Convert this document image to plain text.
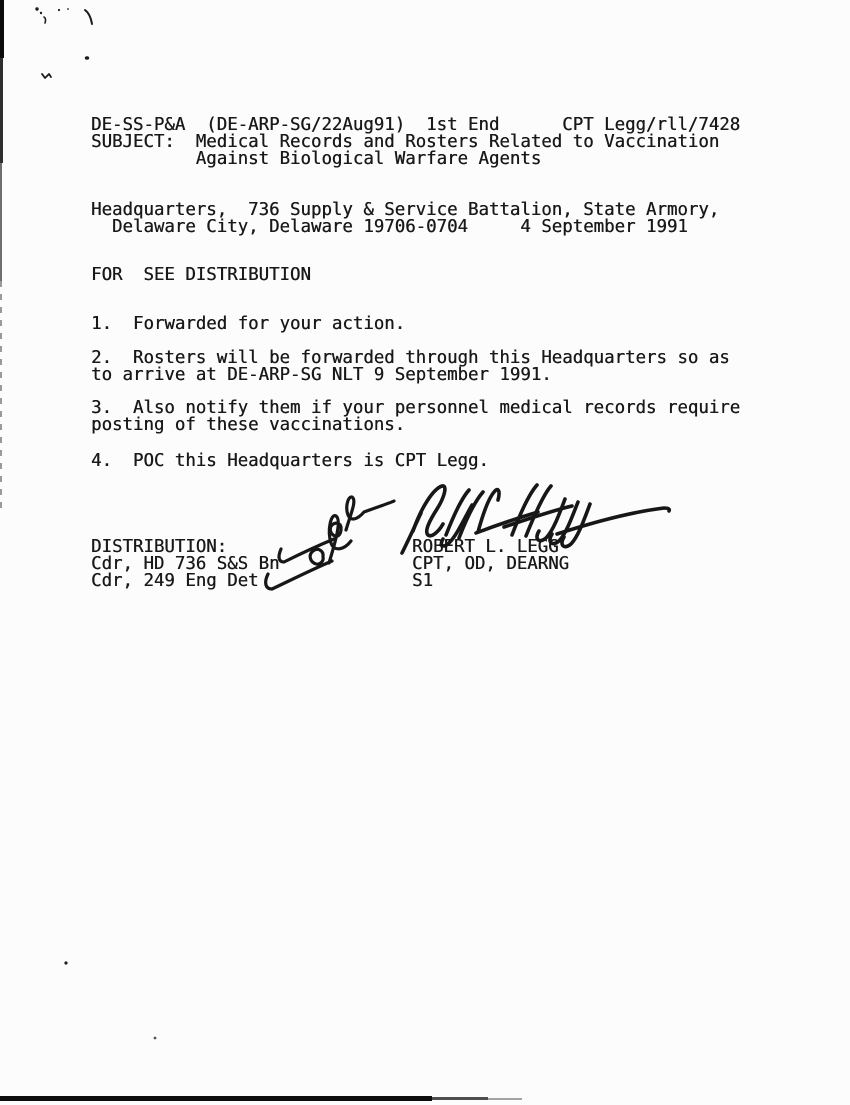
DE-SS-P&A  (DE-ARP-SG/22Aug91)  1st End      CPT Legg/rll/7428
SUBJECT:  Medical Records and Rosters Related to Vaccination
Against Biological Warfare Agents
Headquarters,  736 Supply & Service Battalion, State Armory,
Delaware City, Delaware 19706-0704     4 September 1991
FOR  SEE DISTRIBUTION
1.  Forwarded for your action.
2.  Rosters will be forwarded through this Headquarters so as
to arrive at DE-ARP-SG NLT 9 September 1991.
3.  Also notify them if your personnel medical records require
posting of these vaccinations.
4.  POC this Headquarters is CPT Legg.
DISTRIBUTION:
Cdr, HD 736 S&S Bn
Cdr, 249 Eng Det
ROBERT L. LEGG
CPT, OD, DEARNG
S1
